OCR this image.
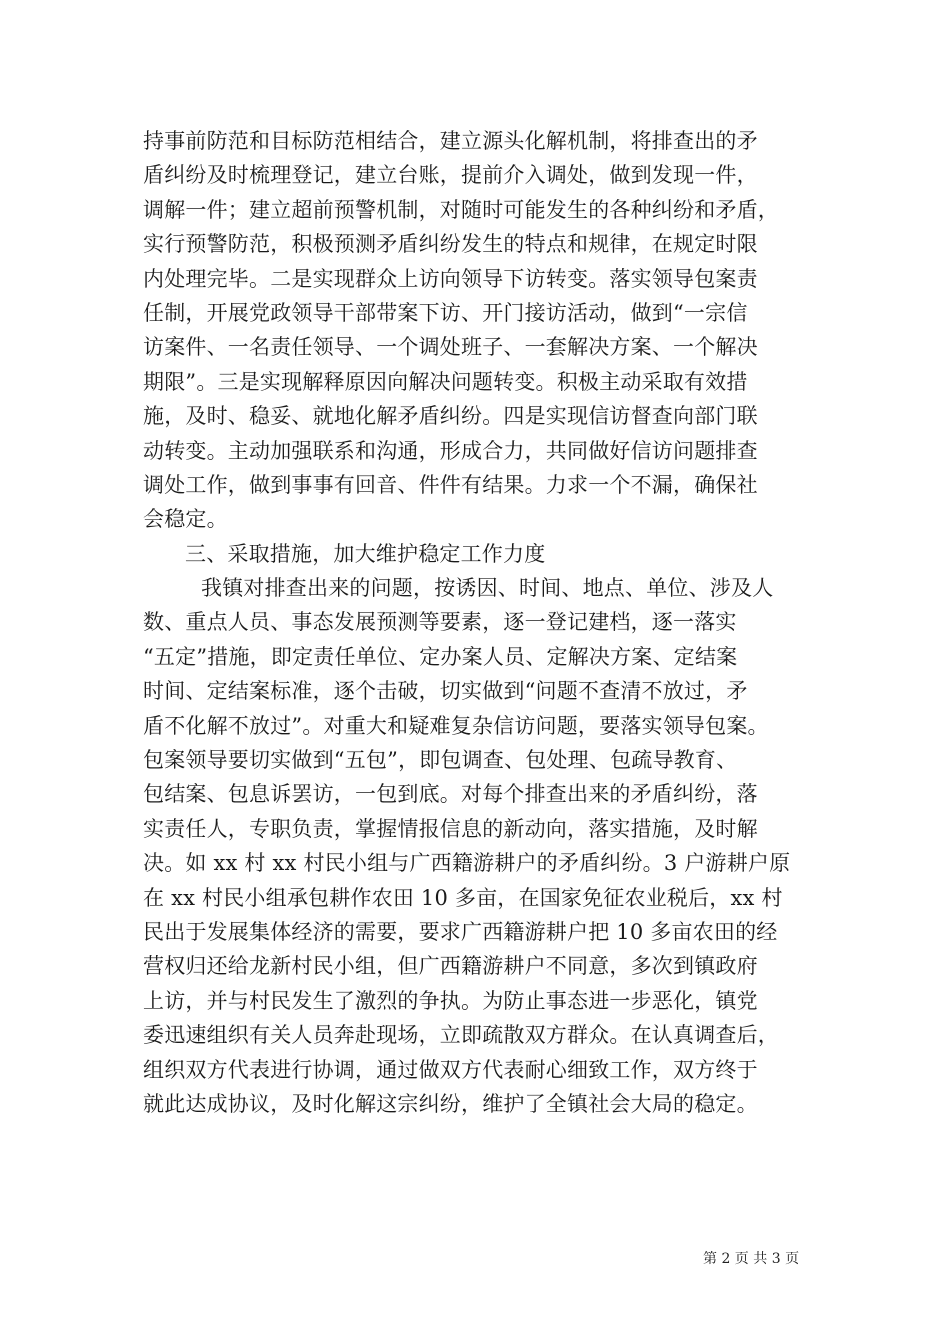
持事前防范和目标防范相结合，建立源头化解机制，将排查出的矛
盾纠纷及时梳理登记，建立台账，提前介入调处，做到发现一件，
调解一件；建立超前预警机制，对随时可能发生的各种纠纷和矛盾，
实行预警防范，积极预测矛盾纠纷发生的特点和规律，在规定时限
内处理完毕。二是实现群众上访向领导下访转变。落实领导包案责
任制，开展党政领导干部带案下访、开门接访活动，做到“一宗信
访案件、一名责任领导、一个调处班子、一套解决方案、一个解决
期限”。三是实现解释原因向解决问题转变。积极主动采取有效措
施，及时、稳妥、就地化解矛盾纠纷。四是实现信访督查向部门联
动转变。主动加强联系和沟通，形成合力，共同做好信访问题排查
调处工作，做到事事有回音、件件有结果。力求一个不漏，确保社
会稳定。
三、采取措施，加大维护稳定工作力度
我镇对排查出来的问题，按诱因、时间、地点、单位、涉及人
数、重点人员、事态发展预测等要素，逐一登记建档，逐一落实
“五定”措施，即定责任单位、定办案人员、定解决方案、定结案
时间、定结案标准，逐个击破，切实做到“问题不查清不放过，矛
盾不化解不放过”。对重大和疑难复杂信访问题，要落实领导包案。
包案领导要切实做到“五包”，即包调查、包处理、包疏导教育、
包结案、包息诉罢访，一包到底。对每个排查出来的矛盾纠纷，落
实责任人，专职负责，掌握情报信息的新动向，落实措施，及时解
决。如 xx 村 xx 村民小组与广西籍游耕户的矛盾纠纷。3 户游耕户原
在 xx 村民小组承包耕作农田 10 多亩，在国家免征农业税后，xx 村
民出于发展集体经济的需要，要求广西籍游耕户把 10 多亩农田的经
营权归还给龙新村民小组，但广西籍游耕户不同意，多次到镇政府
上访，并与村民发生了激烈的争执。为防止事态进一步恶化，镇党
委迅速组织有关人员奔赴现场，立即疏散双方群众。在认真调查后，
组织双方代表进行协调，通过做双方代表耐心细致工作，双方终于
就此达成协议，及时化解这宗纠纷，维护了全镇社会大局的稳定。
第 2 页 共 3 页
